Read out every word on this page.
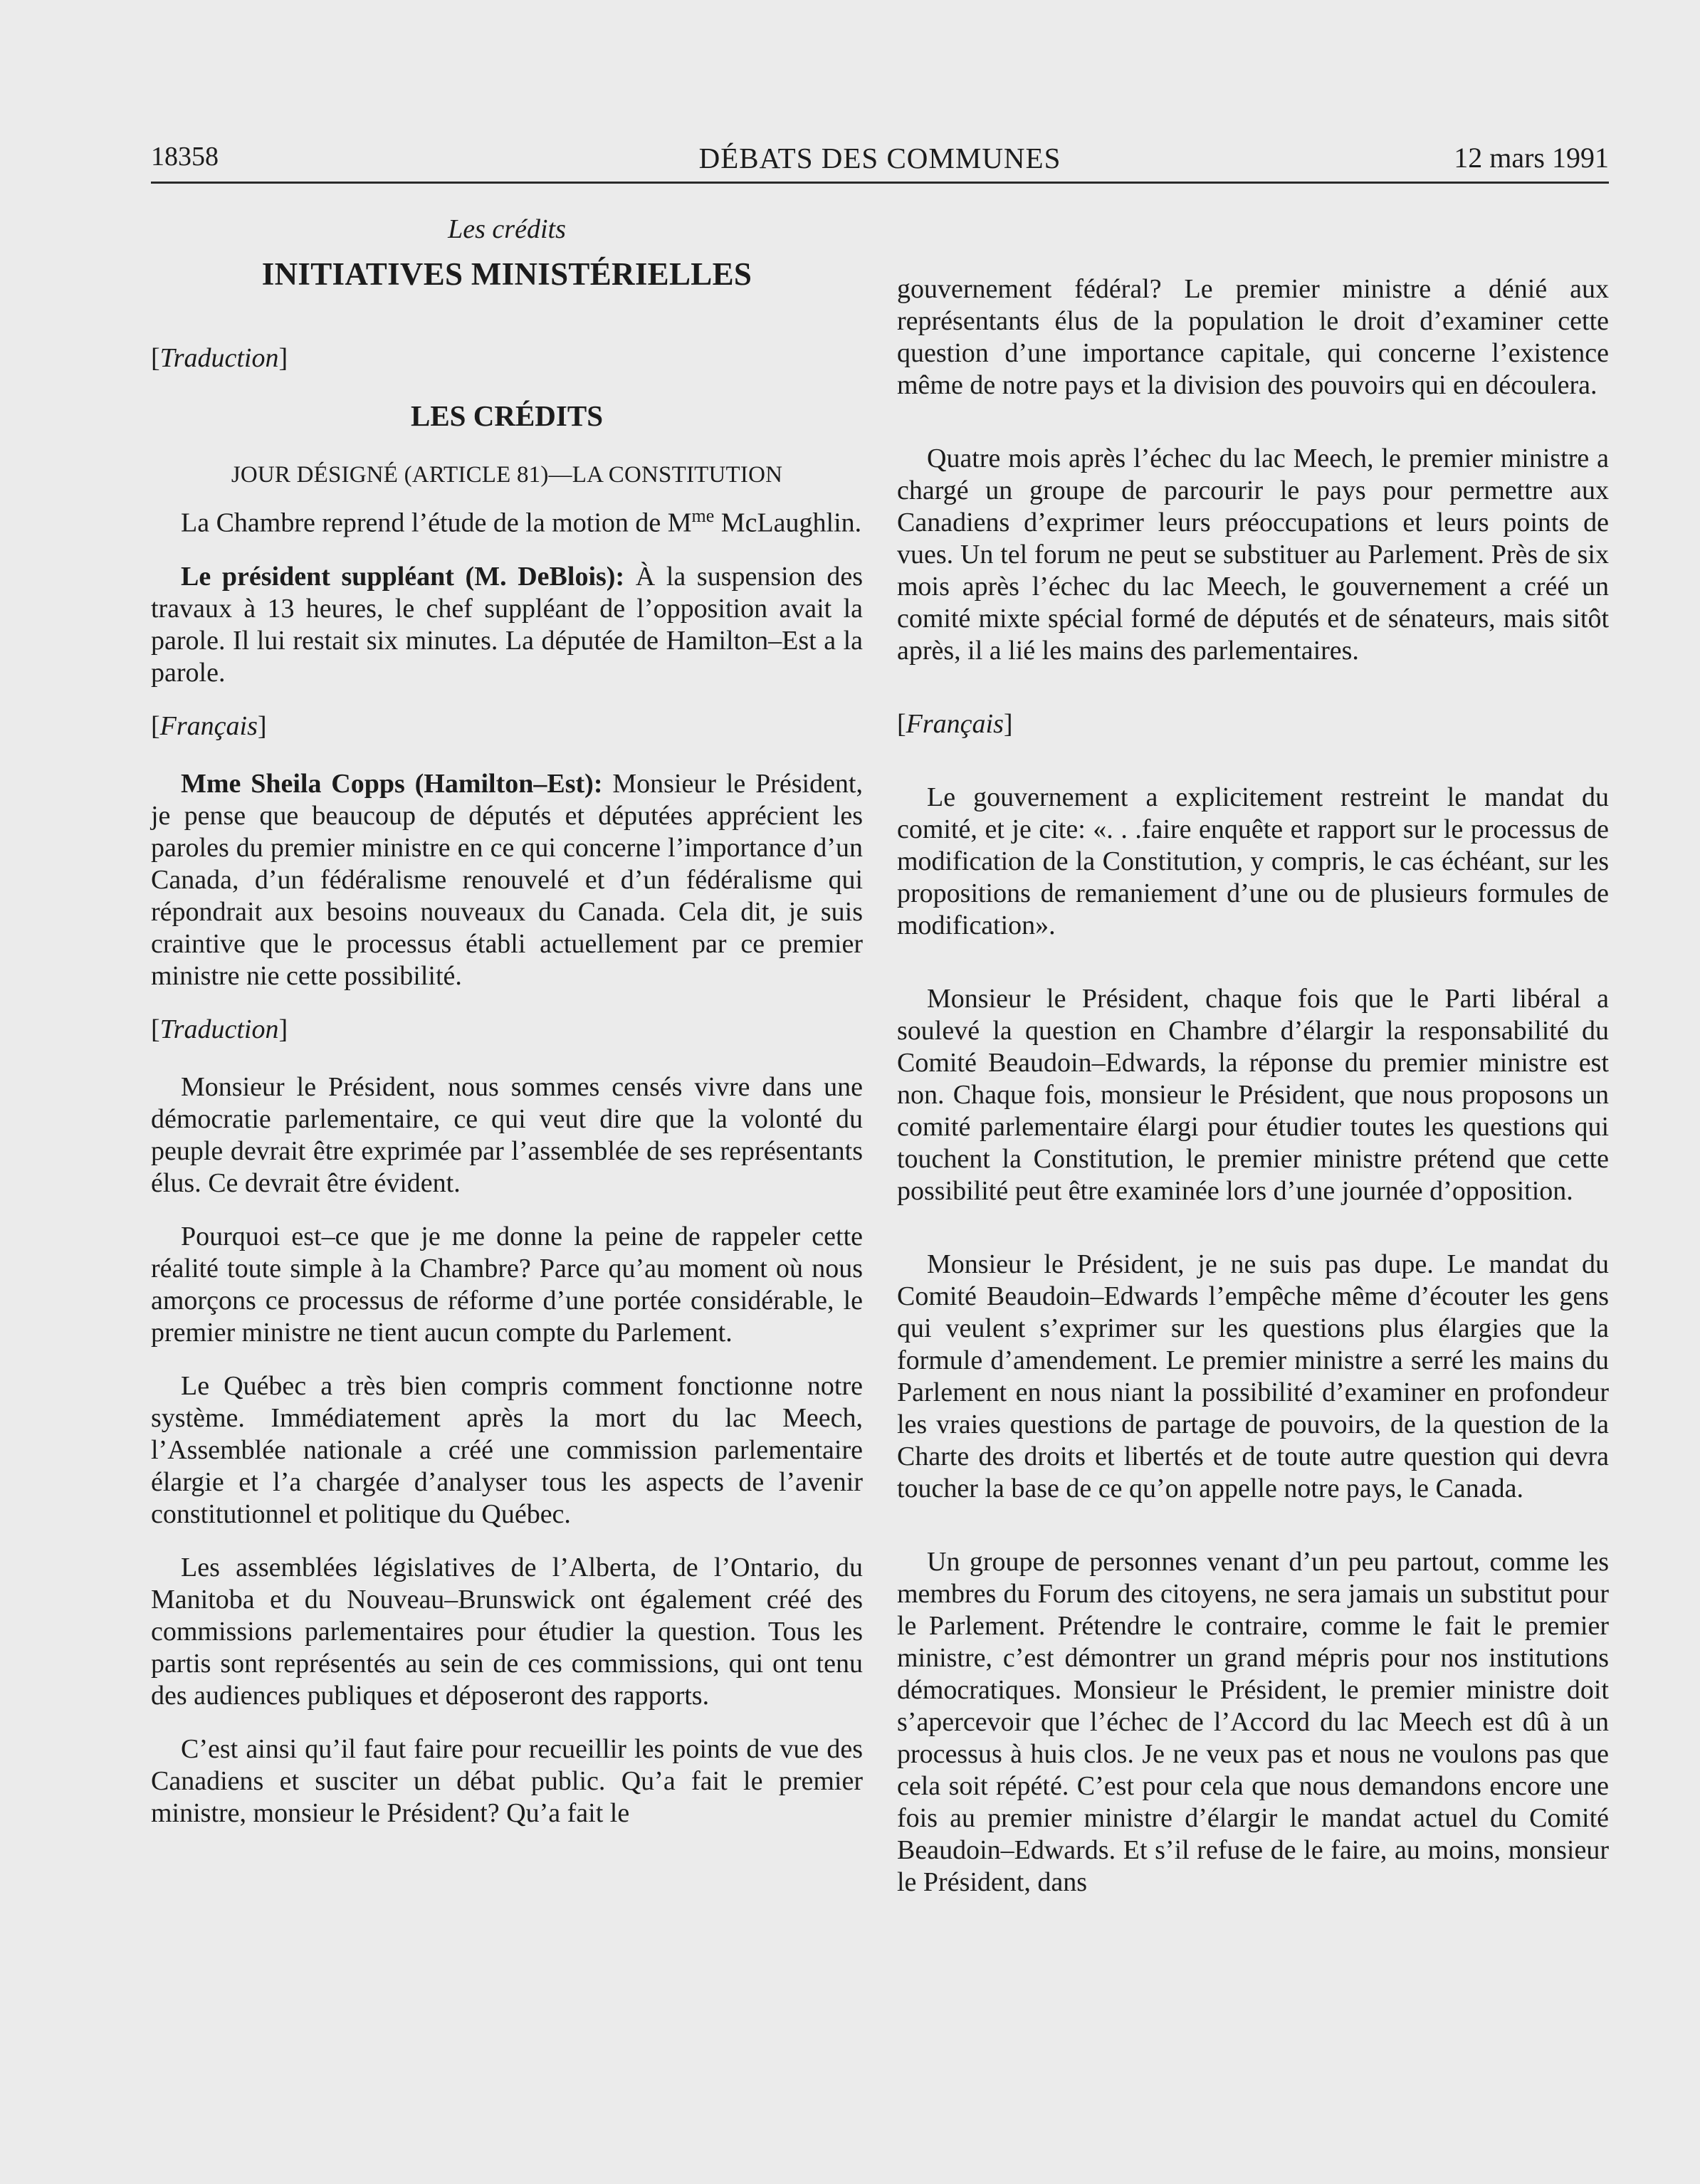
18358	DÉBATS DES COMMUNES	12 mars 1991
Les crédits
INITIATIVES MINISTÉRIELLES
[Traduction]
LES CRÉDITS
JOUR DÉSIGNÉ (ARTICLE 81)—LA CONSTITUTION

La Chambre reprend l’étude de la motion de $M^{me}$ McLaughlin.

Le président suppléant (M. DeBlois): À la suspension des travaux à 13 heures, le chef suppléant de l’opposition avait la parole. Il lui restait six minutes. La députée de Hamilton–Est a la parole.

[Français]

Mme Sheila Copps (Hamilton–Est): Monsieur le Président, je pense que beaucoup de députés et députées apprécient les paroles du premier ministre en ce qui concerne l’importance d’un Canada, d’un fédéralisme renouvelé et d’un fédéralisme qui répondrait aux besoins nouveaux du Canada. Cela dit, je suis craintive que le processus établi actuellement par ce premier ministre nie cette possibilité.

[Traduction]

Monsieur le Président, nous sommes censés vivre dans une démocratie parlementaire, ce qui veut dire que la volonté du peuple devrait être exprimée par l’assemblée de ses représentants élus. Ce devrait être évident.

Pourquoi est–ce que je me donne la peine de rappeler cette réalité toute simple à la Chambre? Parce qu’au moment où nous amorçons ce processus de réforme d’une portée considérable, le premier ministre ne tient aucun compte du Parlement.

Le Québec a très bien compris comment fonctionne notre système. Immédiatement après la mort du lac Meech, l’Assemblée nationale a créé une commission parlementaire élargie et l’a chargée d’analyser tous les aspects de l’avenir constitutionnel et politique du Québec.

Les assemblées législatives de l’Alberta, de l’Ontario, du Manitoba et du Nouveau–Brunswick ont également créé des commissions parlementaires pour étudier la question. Tous les partis sont représentés au sein de ces commissions, qui ont tenu des audiences publiques et déposeront des rapports.

C’est ainsi qu’il faut faire pour recueillir les points de vue des Canadiens et susciter un débat public. Qu’a fait le premier ministre, monsieur le Président? Qu’a fait le

gouvernement fédéral? Le premier ministre a dénié aux représentants élus de la population le droit d’examiner cette question d’une importance capitale, qui concerne l’existence même de notre pays et la division des pouvoirs qui en découlera.

Quatre mois après l’échec du lac Meech, le premier ministre a chargé un groupe de parcourir le pays pour permettre aux Canadiens d’exprimer leurs préoccupations et leurs points de vues. Un tel forum ne peut se substituer au Parlement. Près de six mois après l’échec du lac Meech, le gouvernement a créé un comité mixte spécial formé de députés et de sénateurs, mais sitôt après, il a lié les mains des parlementaires.

[Français]

Le gouvernement a explicitement restreint le mandat du comité, et je cite: «. . .faire enquête et rapport sur le processus de modification de la Constitution, y compris, le cas échéant, sur les propositions de remaniement d’une ou de plusieurs formules de modification».

Monsieur le Président, chaque fois que le Parti libéral a soulevé la question en Chambre d’élargir la responsabilité du Comité Beaudoin–Edwards, la réponse du premier ministre est non. Chaque fois, monsieur le Président, que nous proposons un comité parlementaire élargi pour étudier toutes les questions qui touchent la Constitution, le premier ministre prétend que cette possibilité peut être examinée lors d’une journée d’opposition.

Monsieur le Président, je ne suis pas dupe. Le mandat du Comité Beaudoin–Edwards l’empêche même d’écouter les gens qui veulent s’exprimer sur les questions plus élargies que la formule d’amendement. Le premier ministre a serré les mains du Parlement en nous niant la possibilité d’examiner en profondeur les vraies questions de partage de pouvoirs, de la question de la Charte des droits et libertés et de toute autre question qui devra toucher la base de ce qu’on appelle notre pays, le Canada.

Un groupe de personnes venant d’un peu partout, comme les membres du Forum des citoyens, ne sera jamais un substitut pour le Parlement. Prétendre le contraire, comme le fait le premier ministre, c’est démontrer un grand mépris pour nos institutions démocratiques. Monsieur le Président, le premier ministre doit s’apercevoir que l’échec de l’Accord du lac Meech est dû à un processus à huis clos. Je ne veux pas et nous ne voulons pas que cela soit répété. C’est pour cela que nous demandons encore une fois au premier ministre d’élargir le mandat actuel du Comité Beaudoin–Edwards. Et s’il refuse de le faire, au moins, monsieur le Président, dans
